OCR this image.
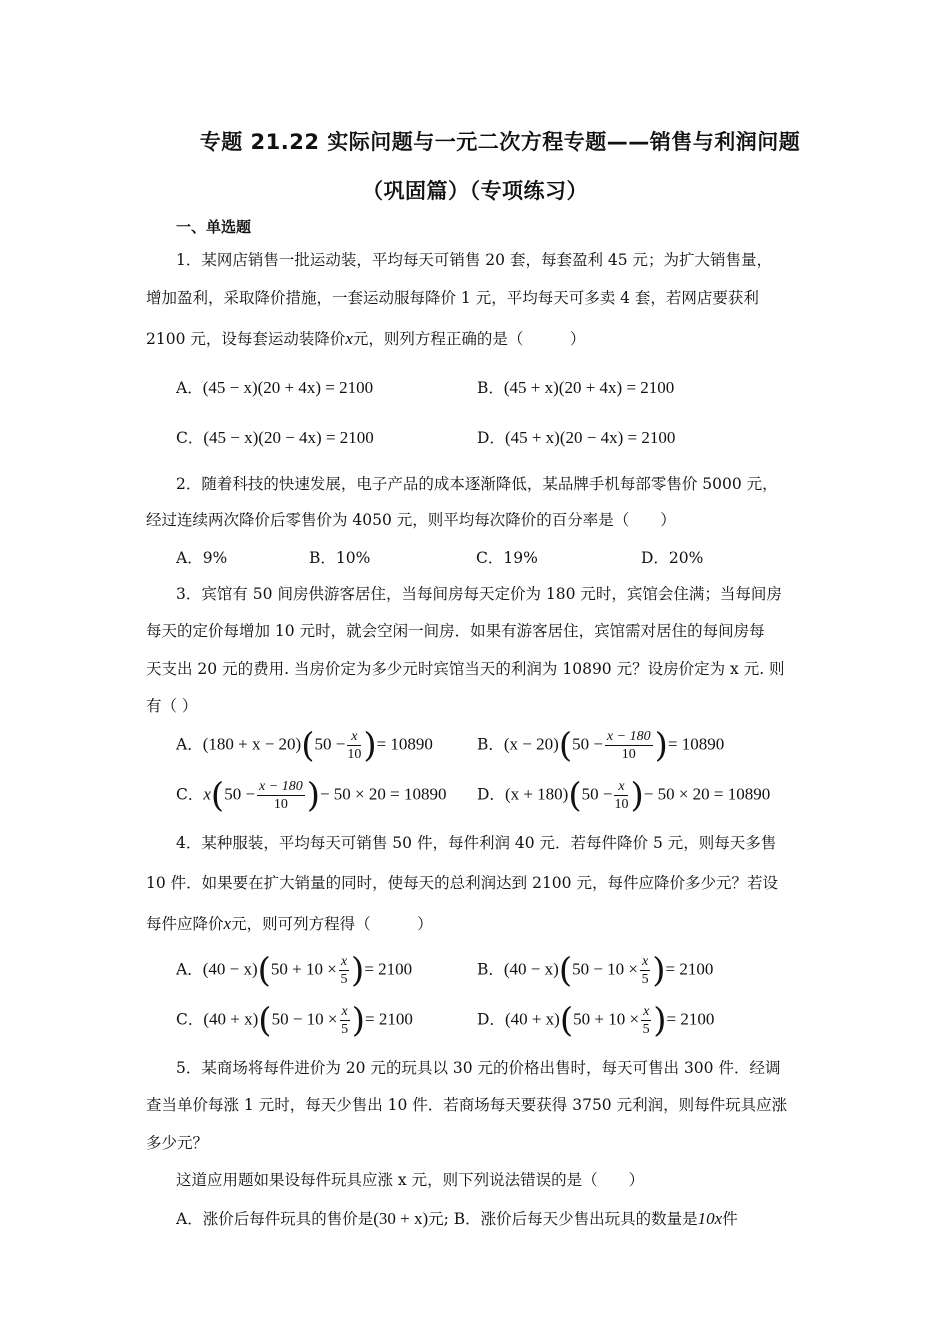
专题 21.22 实际问题与一元二次方程专题——销售与利润问题
（巩固篇）（专项练习）
一、单选题
1．某网店销售一批运动装，平均每天可销售 20 套，每套盈利 45 元；为扩大销售量，
增加盈利，采取降价措施，一套运动服每降价 1 元，平均每天可多卖 4 套，若网店要获利
2100 元，设每套运动装降价x元，则列方程正确的是（　　　）
A．(45 − x)(20 + 4x) = 2100	B．(45 + x)(20 + 4x) = 2100
C．(45 − x)(20 − 4x) = 2100	D．(45 + x)(20 − 4x) = 2100
2．随着科技的快速发展，电子产品的成本逐渐降低，某品牌手机每部零售价 5000 元，
经过连续两次降价后零售价为 4050 元，则平均每次降价的百分率是（　　）
A．9%	B．10%	C．19%	D．20%
3．宾馆有 50 间房供游客居住，当每间房每天定价为 180 元时，宾馆会住满；当每间房
每天的定价每增加 10 元时，就会空闲一间房．如果有游客居住，宾馆需对居住的每间房每
天支出 20 元的费用. 当房价定为多少元时宾馆当天的利润为 10890 元？设房价定为 x 元. 则
有（ ）
A．$(180 + x - 20)(50 - \frac{x}{10}$ )= 10890	B．$(x - 20)(50 - \frac{x - 180}{10}$ )= 10890
C．$x(50 - \frac{x - 180}{10}$ )− 50 × 20 = 10890 D．$(x + 180)(50 - \frac{x}{10}$ )− 50 × 20 = 10890
4．某种服装，平均每天可销售 50 件，每件利润 40 元．若每件降价 5 元，则每天多售
10 件．如果要在扩大销量的同时，使每天的总利润达到 2100 元，每件应降价多少元？若设
每件应降价x元，则可列方程得（　　　）
A．$(40 - x)(50 + 10 \times \frac{x}{5}$ )= 2100	B．$(40 - x)(50 - 10 \times \frac{x}{5}$ )= 2100
C．$(40 + x)(50 - 10 \times \frac{x}{5}$ )= 2100	D．$(40 + x)(50 + 10 \times \frac{x}{5}$ )= 2100
5．某商场将每件进价为 20 元的玩具以 30 元的价格出售时，每天可售出 300 件．经调
查当单价每涨 1 元时，每天少售出 10 件．若商场每天要获得 3750 元利润，则每件玩具应涨
多少元？
这道应用题如果设每件玩具应涨 x 元，则下列说法错误的是（　　）
A．涨价后每件玩具的售价是(30 + x)元; B．涨价后每天少售出玩具的数量是10x件
